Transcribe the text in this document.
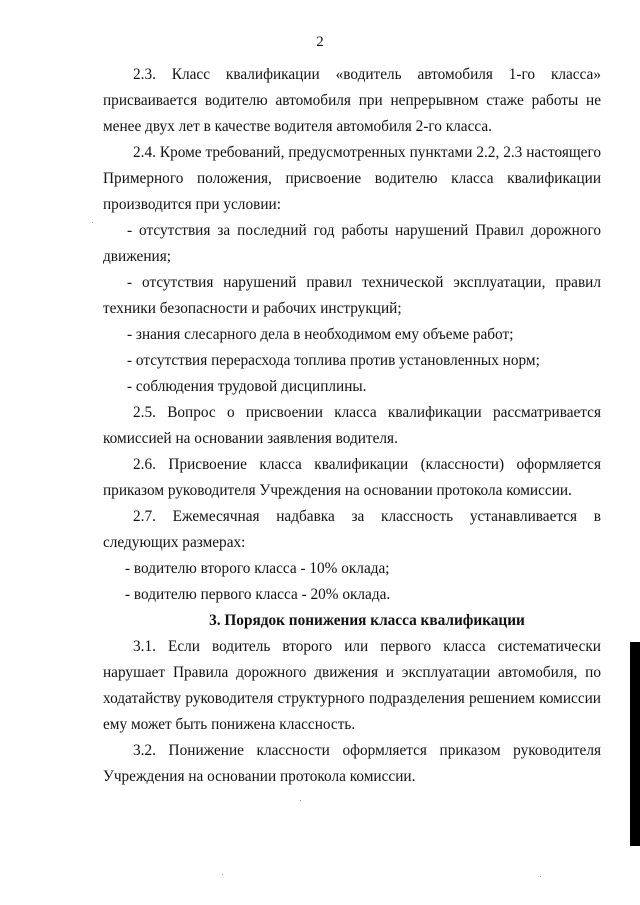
2

2.3. Класс квалификации «водитель автомобиля 1-го класса» присваивается водителю автомобиля при непрерывном стаже работы не менее двух лет в качестве водителя автомобиля 2-го класса.

2.4. Кроме требований, предусмотренных пунктами 2.2, 2.3 настоящего Примерного положения, присвоение водителю класса квалификации производится при условии:

- отсутствия за последний год работы нарушений Правил дорожного движения;

- отсутствия нарушений правил технической эксплуатации, правил техники безопасности и рабочих инструкций;

- знания слесарного дела в необходимом ему объеме работ;

- отсутствия перерасхода топлива против установленных норм;

- соблюдения трудовой дисциплины.

2.5. Вопрос о присвоении класса квалификации рассматривается комиссией на основании заявления водителя.

2.6. Присвоение класса квалификации (классности) оформляется приказом руководителя Учреждения на основании протокола комиссии.

2.7. Ежемесячная надбавка за классность устанавливается в следующих размерах:

- водителю второго класса - 10% оклада;

- водителю первого класса - 20% оклада.

3. Порядок понижения класса квалификации

3.1. Если водитель второго или первого класса систематически нарушает Правила дорожного движения и эксплуатации автомобиля, по ходатайству руководителя структурного подразделения решением комиссии ему может быть понижена классность.

3.2. Понижение классности оформляется приказом руководителя Учреждения на основании протокола комиссии.
